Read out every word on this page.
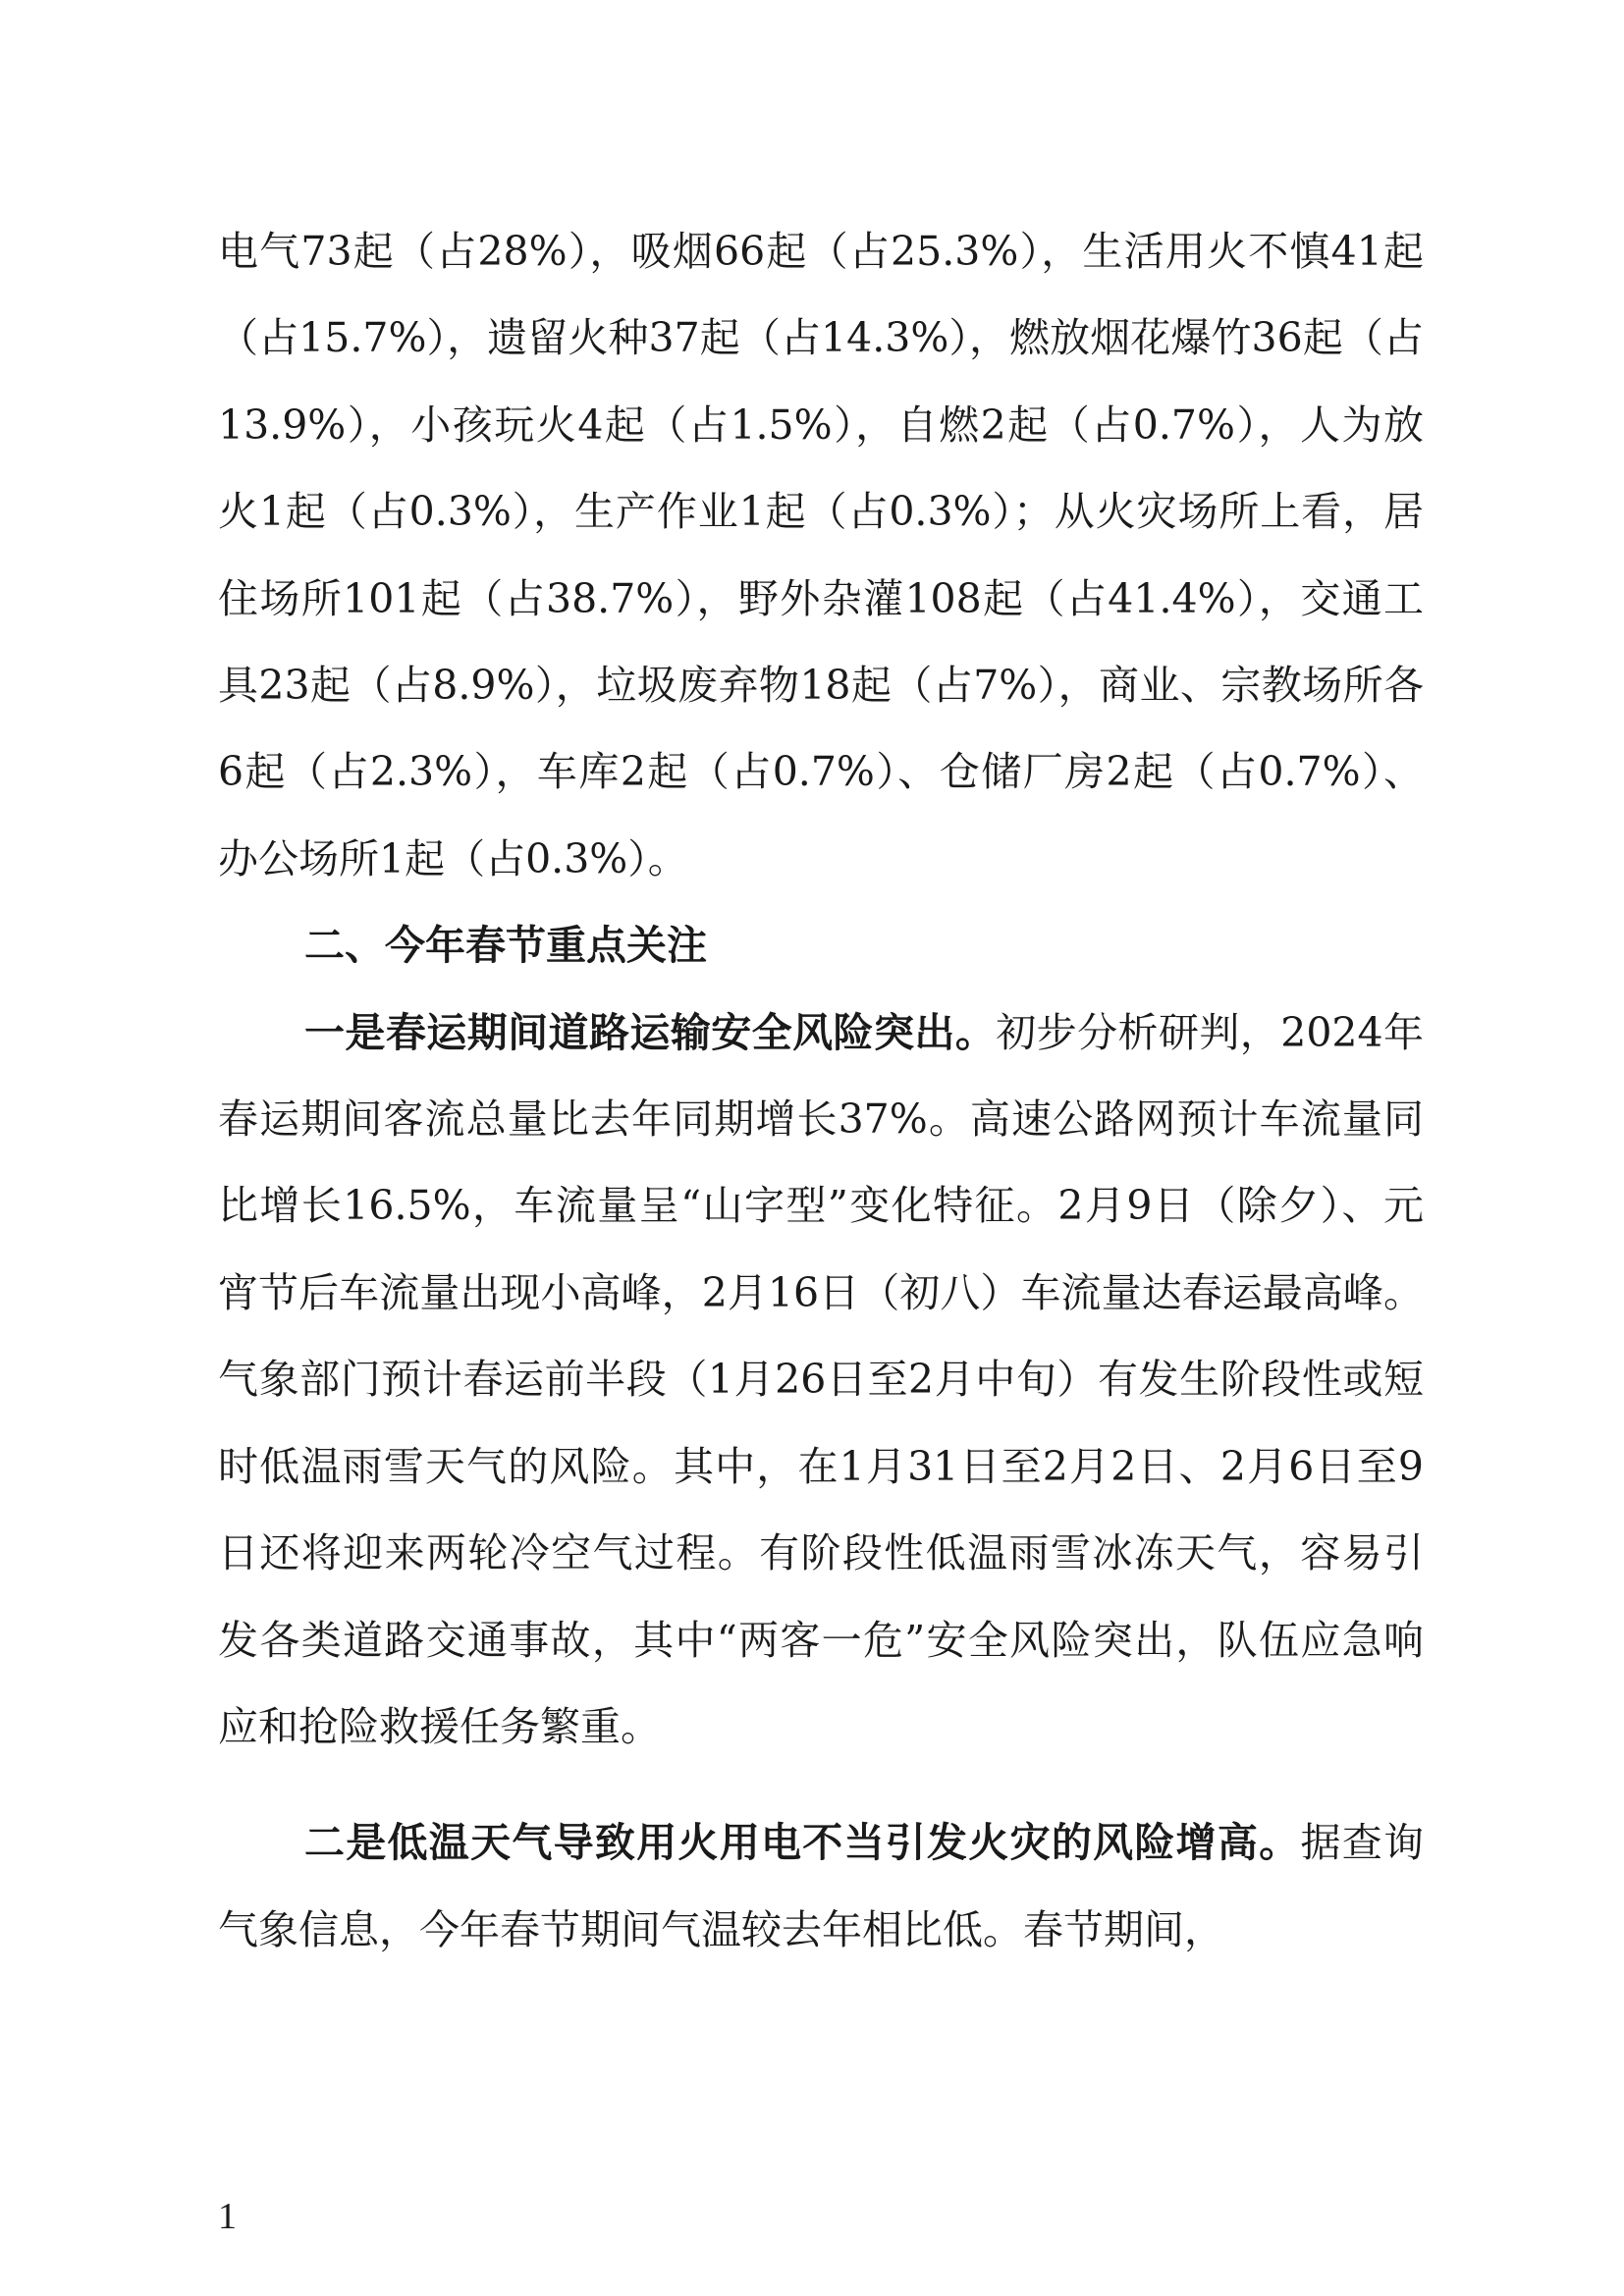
电气73起（占28%），吸烟66起（占25.3%），生活用火不慎41起（占15.7%），遗留火种37起（占14.3%），燃放烟花爆竹36起（占13.9%），小孩玩火4起（占1.5%），自燃2起（占0.7%），人为放火1起（占0.3%），生产作业1起（占0.3%）；从火灾场所上看，居住场所101起（占38.7%），野外杂灌108起（占41.4%），交通工具23起（占8.9%），垃圾废弃物18起（占7%），商业、宗教场所各6起（占2.3%），车库2起（占0.7%）、仓储厂房2起（占0.7%）、办公场所1起（占0.3%）。

二、今年春节重点关注

一是春运期间道路运输安全风险突出。初步分析研判，2024年春运期间客流总量比去年同期增长37%。高速公路网预计车流量同比增长16.5%，车流量呈“山字型”变化特征。2月9日（除夕）、元宵节后车流量出现小高峰，2月16日（初八）车流量达春运最高峰。气象部门预计春运前半段（1月26日至2月中旬）有发生阶段性或短时低温雨雪天气的风险。其中，在1月31日至2月2日、2月6日至9日还将迎来两轮冷空气过程。有阶段性低温雨雪冰冻天气，容易引发各类道路交通事故，其中“两客一危”安全风险突出，队伍应急响应和抢险救援任务繁重。

二是低温天气导致用火用电不当引发火灾的风险增高。据查询气象信息，今年春节期间气温较去年相比低。春节期间，

1
